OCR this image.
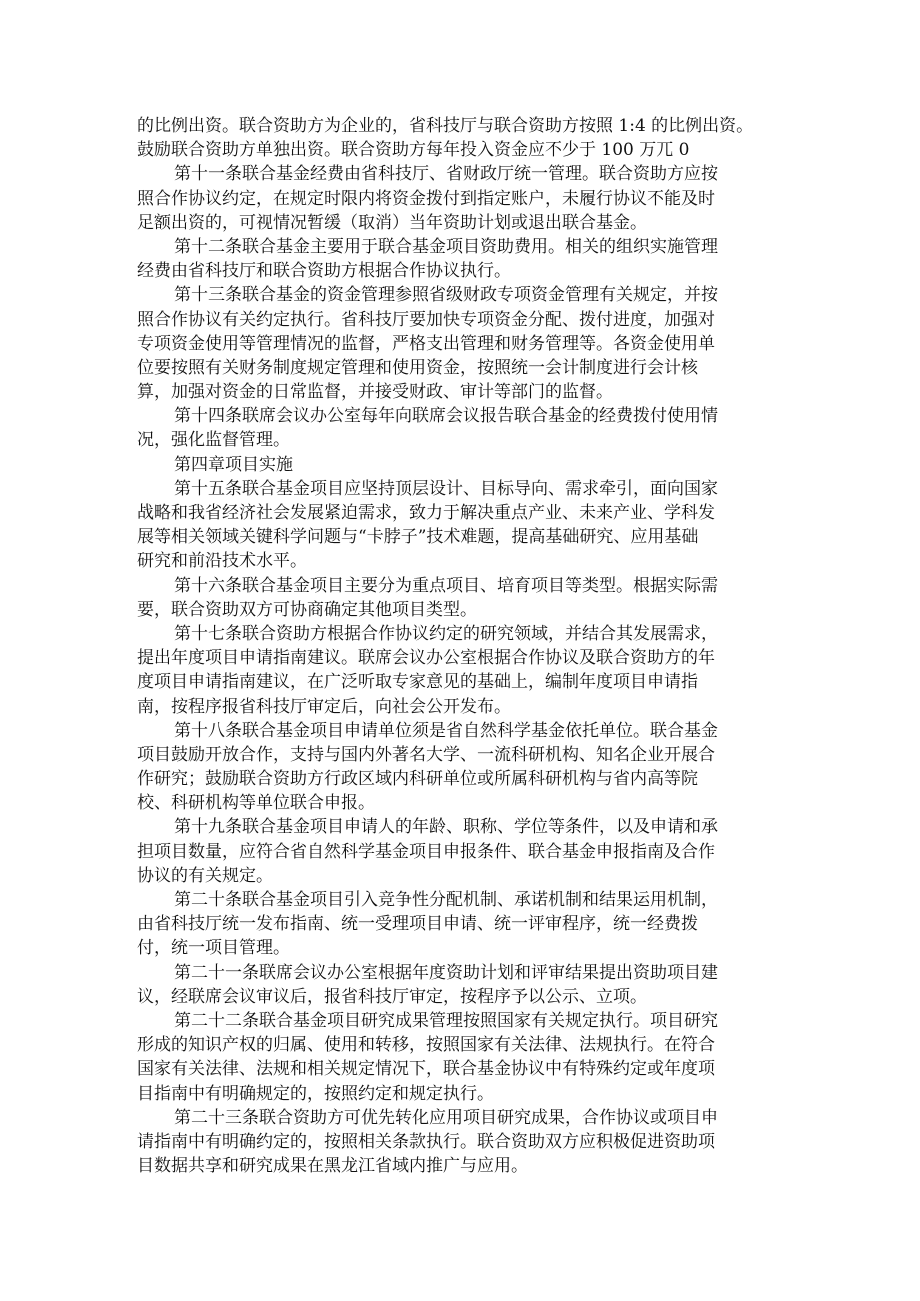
的比例出资。联合资助方为企业的，省科技厅与联合资助方按照 1:4 的比例出资。
鼓励联合资助方单独出资。联合资助方每年投入资金应不少于 100 万兀 0
第十一条联合基金经费由省科技厅、省财政厅统一管理。联合资助方应按
照合作协议约定，在规定时限内将资金拨付到指定账户，未履行协议不能及时
足额出资的，可视情况暂缓（取消）当年资助计划或退出联合基金。
第十二条联合基金主要用于联合基金项目资助费用。相关的组织实施管理
经费由省科技厅和联合资助方根据合作协议执行。
第十三条联合基金的资金管理参照省级财政专项资金管理有关规定，并按
照合作协议有关约定执行。省科技厅要加快专项资金分配、拨付进度，加强对
专项资金使用等管理情况的监督，严格支出管理和财务管理等。各资金使用单
位要按照有关财务制度规定管理和使用资金，按照统一会计制度进行会计核
算，加强对资金的日常监督，并接受财政、审计等部门的监督。
第十四条联席会议办公室每年向联席会议报告联合基金的经费拨付使用情
况，强化监督管理。
第四章项目实施
第十五条联合基金项目应坚持顶层设计、目标导向、需求牵引，面向国家
战略和我省经济社会发展紧迫需求，致力于解决重点产业、未来产业、学科发
展等相关领域关键科学问题与“卡脖子”技术难题，提高基础研究、应用基础
研究和前沿技术水平。
第十六条联合基金项目主要分为重点项目、培育项目等类型。根据实际需
要，联合资助双方可协商确定其他项目类型。
第十七条联合资助方根据合作协议约定的研究领域，并结合其发展需求，
提出年度项目申请指南建议。联席会议办公室根据合作协议及联合资助方的年
度项目申请指南建议，在广泛听取专家意见的基础上，编制年度项目申请指
南，按程序报省科技厅审定后，向社会公开发布。
第十八条联合基金项目申请单位须是省自然科学基金依托单位。联合基金
项目鼓励开放合作，支持与国内外著名大学、一流科研机构、知名企业开展合
作研究；鼓励联合资助方行政区域内科研单位或所属科研机构与省内高等院
校、科研机构等单位联合申报。
第十九条联合基金项目申请人的年龄、职称、学位等条件，以及申请和承
担项目数量，应符合省自然科学基金项目申报条件、联合基金申报指南及合作
协议的有关规定。
第二十条联合基金项目引入竞争性分配机制、承诺机制和结果运用机制，
由省科技厅统一发布指南、统一受理项目申请、统一评审程序，统一经费拨
付，统一项目管理。
第二十一条联席会议办公室根据年度资助计划和评审结果提出资助项目建
议，经联席会议审议后，报省科技厅审定，按程序予以公示、立项。
第二十二条联合基金项目研究成果管理按照国家有关规定执行。项目研究
形成的知识产权的归属、使用和转移，按照国家有关法律、法规执行。在符合
国家有关法律、法规和相关规定情况下，联合基金协议中有特殊约定或年度项
目指南中有明确规定的，按照约定和规定执行。
第二十三条联合资助方可优先转化应用项目研究成果，合作协议或项目申
请指南中有明确约定的，按照相关条款执行。联合资助双方应积极促进资助项
目数据共享和研究成果在黑龙江省域内推广与应用。
